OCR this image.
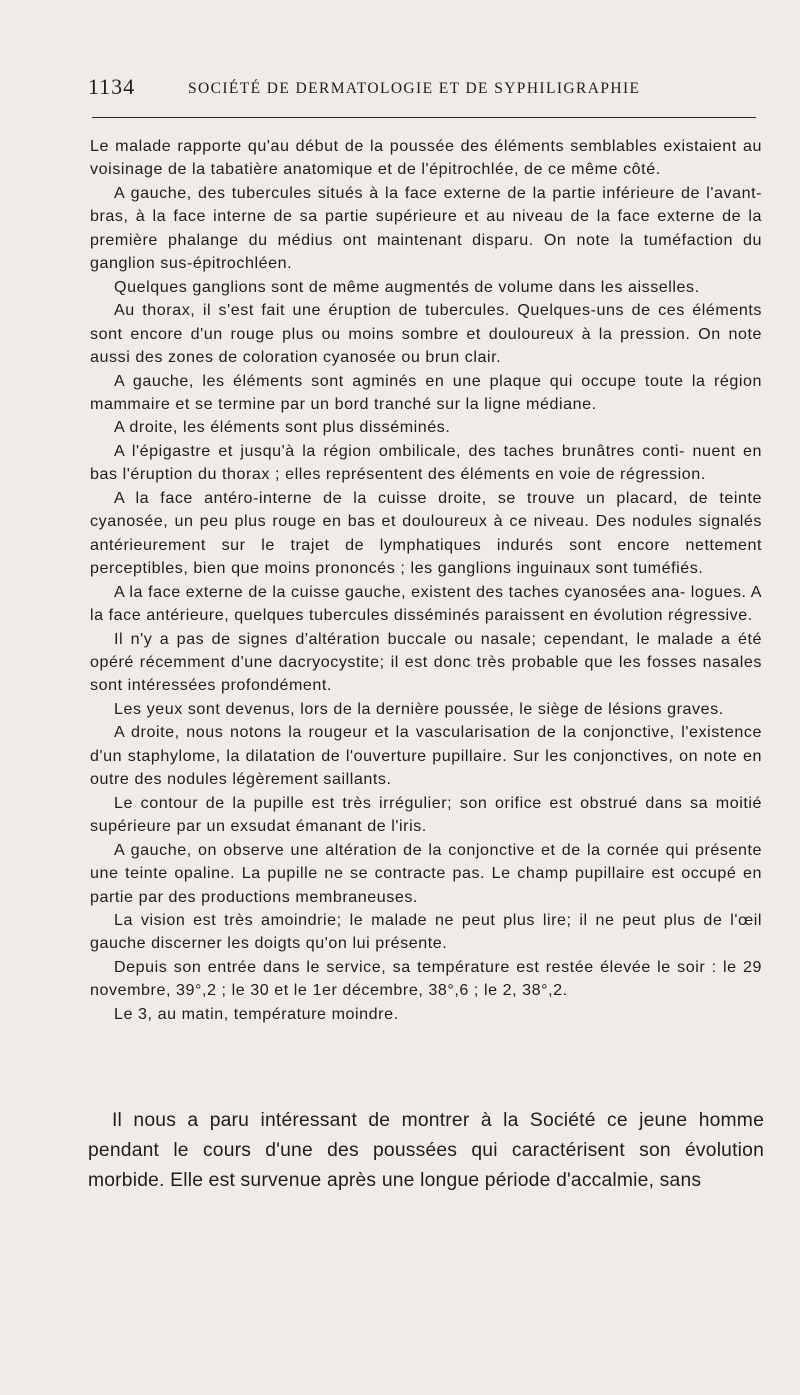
1134	SOCIÉTÉ DE DERMATOLOGIE ET DE SYPHILIGRAPHIE

Le malade rapporte qu'au début de la poussée des éléments semblables existaient au voisinage de la tabatière anatomique et de l'épitrochlée, de ce même côté.

A gauche, des tubercules situés à la face externe de la partie inférieure de l'avant-bras, à la face interne de sa partie supérieure et au niveau de la face externe de la première phalange du médius ont maintenant disparu. On note la tuméfaction du ganglion sus-épitrochléen.

Quelques ganglions sont de même augmentés de volume dans les aisselles.

Au thorax, il s'est fait une éruption de tubercules. Quelques-uns de ces éléments sont encore d'un rouge plus ou moins sombre et douloureux à la pression. On note aussi des zones de coloration cyanosée ou brun clair.

A gauche, les éléments sont agminés en une plaque qui occupe toute la région mammaire et se termine par un bord tranché sur la ligne médiane.

A droite, les éléments sont plus disséminés.

A l'épigastre et jusqu'à la région ombilicale, des taches brunâtres conti- nuent en bas l'éruption du thorax ; elles représentent des éléments en voie de régression.

A la face antéro-interne de la cuisse droite, se trouve un placard, de teinte cyanosée, un peu plus rouge en bas et douloureux à ce niveau. Des nodules signalés antérieurement sur le trajet de lymphatiques indurés sont encore nettement perceptibles, bien que moins prononcés ; les ganglions inguinaux sont tuméfiés.

A la face externe de la cuisse gauche, existent des taches cyanosées ana- logues. A la face antérieure, quelques tubercules disséminés paraissent en évolution régressive.

Il n'y a pas de signes d'altération buccale ou nasale; cependant, le malade a été opéré récemment d'une dacryocystite; il est donc très probable que les fosses nasales sont intéressées profondément.

Les yeux sont devenus, lors de la dernière poussée, le siège de lésions graves.

A droite, nous notons la rougeur et la vascularisation de la conjonctive, l'existence d'un staphylome, la dilatation de l'ouverture pupillaire. Sur les conjonctives, on note en outre des nodules légèrement saillants.

Le contour de la pupille est très irrégulier; son orifice est obstrué dans sa moitié supérieure par un exsudat émanant de l'iris.

A gauche, on observe une altération de la conjonctive et de la cornée qui présente une teinte opaline. La pupille ne se contracte pas. Le champ pupillaire est occupé en partie par des productions membraneuses.

La vision est très amoindrie; le malade ne peut plus lire; il ne peut plus de l'œil gauche discerner les doigts qu'on lui présente.

Depuis son entrée dans le service, sa température est restée élevée le soir : le 29 novembre, 39°,2 ; le 30 et le 1er décembre, 38°,6 ; le 2, 38°,2.

Le 3, au matin, température moindre.

Il nous a paru intéressant de montrer à la Société ce jeune homme pendant le cours d'une des poussées qui caractérisent son évolution morbide. Elle est survenue après une longue période d'accalmie, sans
